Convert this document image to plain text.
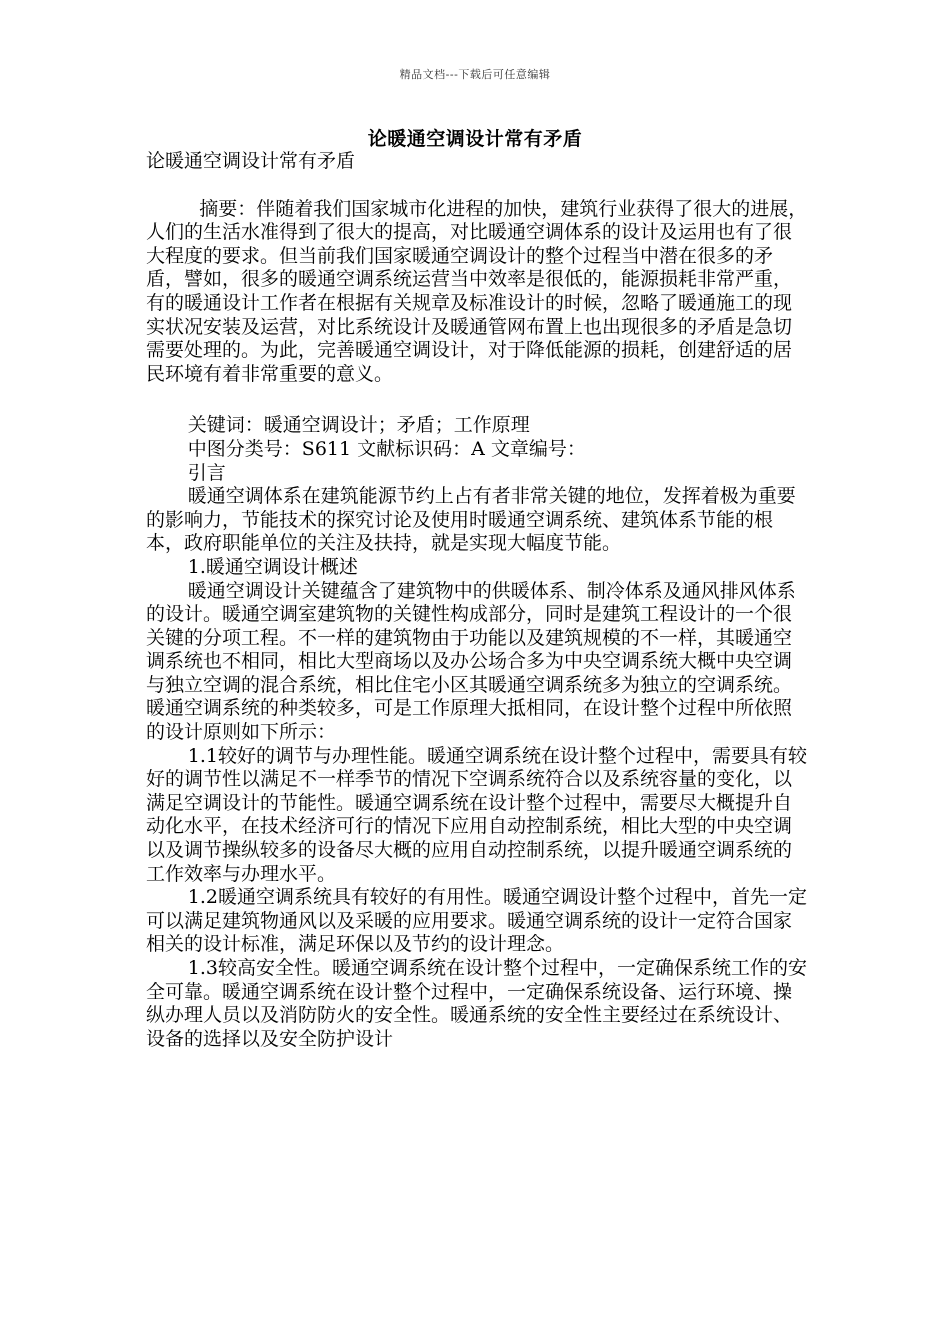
精品文档---下载后可任意编辑
论暖通空调设计常有矛盾

论暖通空调设计常有矛盾

摘要：伴随着我们国家城市化进程的加快，建筑行业获得了很大的进展，人们的生活水准得到了很大的提高，对比暖通空调体系的设计及运用也有了很大程度的要求。但当前我们国家暖通空调设计的整个过程当中潜在很多的矛盾，譬如，很多的暖通空调系统运营当中效率是很低的，能源损耗非常严重，有的暖通设计工作者在根据有关规章及标准设计的时候，忽略了暖通施工的现实状况安装及运营，对比系统设计及暖通管网布置上也出现很多的矛盾是急切需要处理的。为此，完善暖通空调设计，对于降低能源的损耗，创建舒适的居民环境有着非常重要的意义。

关键词：暖通空调设计；矛盾；工作原理

中图分类号：S611 文献标识码：A 文章编号：

引言

暖通空调体系在建筑能源节约上占有者非常关键的地位，发挥着极为重要的影响力，节能技术的探究讨论及使用时暖通空调系统、建筑体系节能的根本，政府职能单位的关注及扶持，就是实现大幅度节能。

1.暖通空调设计概述

暖通空调设计关键蕴含了建筑物中的供暖体系、制冷体系及通风排风体系的设计。暖通空调室建筑物的关键性构成部分，同时是建筑工程设计的一个很关键的分项工程。不一样的建筑物由于功能以及建筑规模的不一样，其暖通空调系统也不相同，相比大型商场以及办公场合多为中央空调系统大概中央空调与独立空调的混合系统，相比住宅小区其暖通空调系统多为独立的空调系统。暖通空调系统的种类较多，可是工作原理大抵相同，在设计整个过程中所依照的设计原则如下所示：

1.1较好的调节与办理性能。暖通空调系统在设计整个过程中，需要具有较好的调节性以满足不一样季节的情况下空调系统符合以及系统容量的变化，以满足空调设计的节能性。暖通空调系统在设计整个过程中，需要尽大概提升自动化水平，在技术经济可行的情况下应用自动控制系统，相比大型的中央空调以及调节操纵较多的设备尽大概的应用自动控制系统，以提升暖通空调系统的工作效率与办理水平。

1.2暖通空调系统具有较好的有用性。暖通空调设计整个过程中，首先一定可以满足建筑物通风以及采暖的应用要求。暖通空调系统的设计一定符合国家相关的设计标准，满足环保以及节约的设计理念。

1.3较高安全性。暖通空调系统在设计整个过程中，一定确保系统工作的安全可靠。暖通空调系统在设计整个过程中，一定确保系统设备、运行环境、操纵办理人员以及消防防火的安全性。暖通系统的安全性主要经过在系统设计、设备的选择以及安全防护设计
